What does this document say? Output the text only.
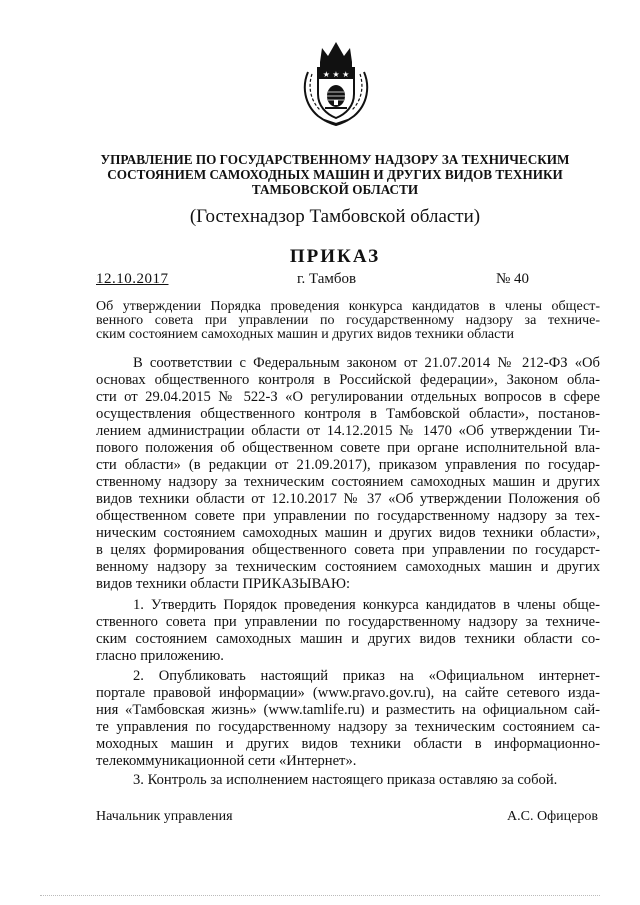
★ ★ ★
УПРАВЛЕНИЕ ПО ГОСУДАРСТВЕННОМУ НАДЗОРУ ЗА ТЕХНИЧЕСКИМ
СОСТОЯНИЕМ САМОХОДНЫХ МАШИН И ДРУГИХ ВИДОВ ТЕХНИКИ
ТАМБОВСКОЙ ОБЛАСТИ
(Гостехнадзор Тамбовской области)
ПРИКАЗ
12.10.2017	г. Тамбов	№ 40
Об утверждении Порядка проведения конкурса кандидатов в члены общест-
венного совета при управлении по государственному надзору за техниче-
ским состоянием самоходных машин и других видов техники области
В соответствии с Федеральным законом от 21.07.2014 № 212-ФЗ «Об
основах общественного контроля в Российской федерации», Законом обла-
сти от 29.04.2015 № 522-З «О регулировании отдельных вопросов в сфере
осуществления общественного контроля в Тамбовской области», постанов-
лением администрации области от 14.12.2015 № 1470 «Об утверждении Ти-
пового положения об общественном совете при органе исполнительной вла-
сти области» (в редакции от 21.09.2017), приказом управления по государ-
ственному надзору за техническим состоянием самоходных машин и других
видов техники области от 12.10.2017 № 37 «Об утверждении Положения об
общественном совете при управлении по государственному надзору за тех-
ническим состоянием самоходных машин и других видов техники области»,
в целях формирования общественного совета при управлении по государст-
венному надзору за техническим состоянием самоходных машин и других
видов техники области ПРИКАЗЫВАЮ:
1. Утвердить Порядок проведения конкурса кандидатов в члены обще-
ственного совета при управлении по государственному надзору за техниче-
ским состоянием самоходных машин и других видов техники области со-
гласно приложению.
2. Опубликовать настоящий приказ на «Официальном интернет-
портале правовой информации» (www.pravo.gov.ru), на сайте сетевого изда-
ния «Тамбовская жизнь» (www.tamlife.ru) и разместить на официальном сай-
те управления по государственному надзору за техническим состоянием са-
моходных машин и других видов техники области в информационно-
телекоммуникационной сети «Интернет».
3. Контроль за исполнением настоящего приказа оставляю за собой.
Начальник управления	А.С. Офицеров
